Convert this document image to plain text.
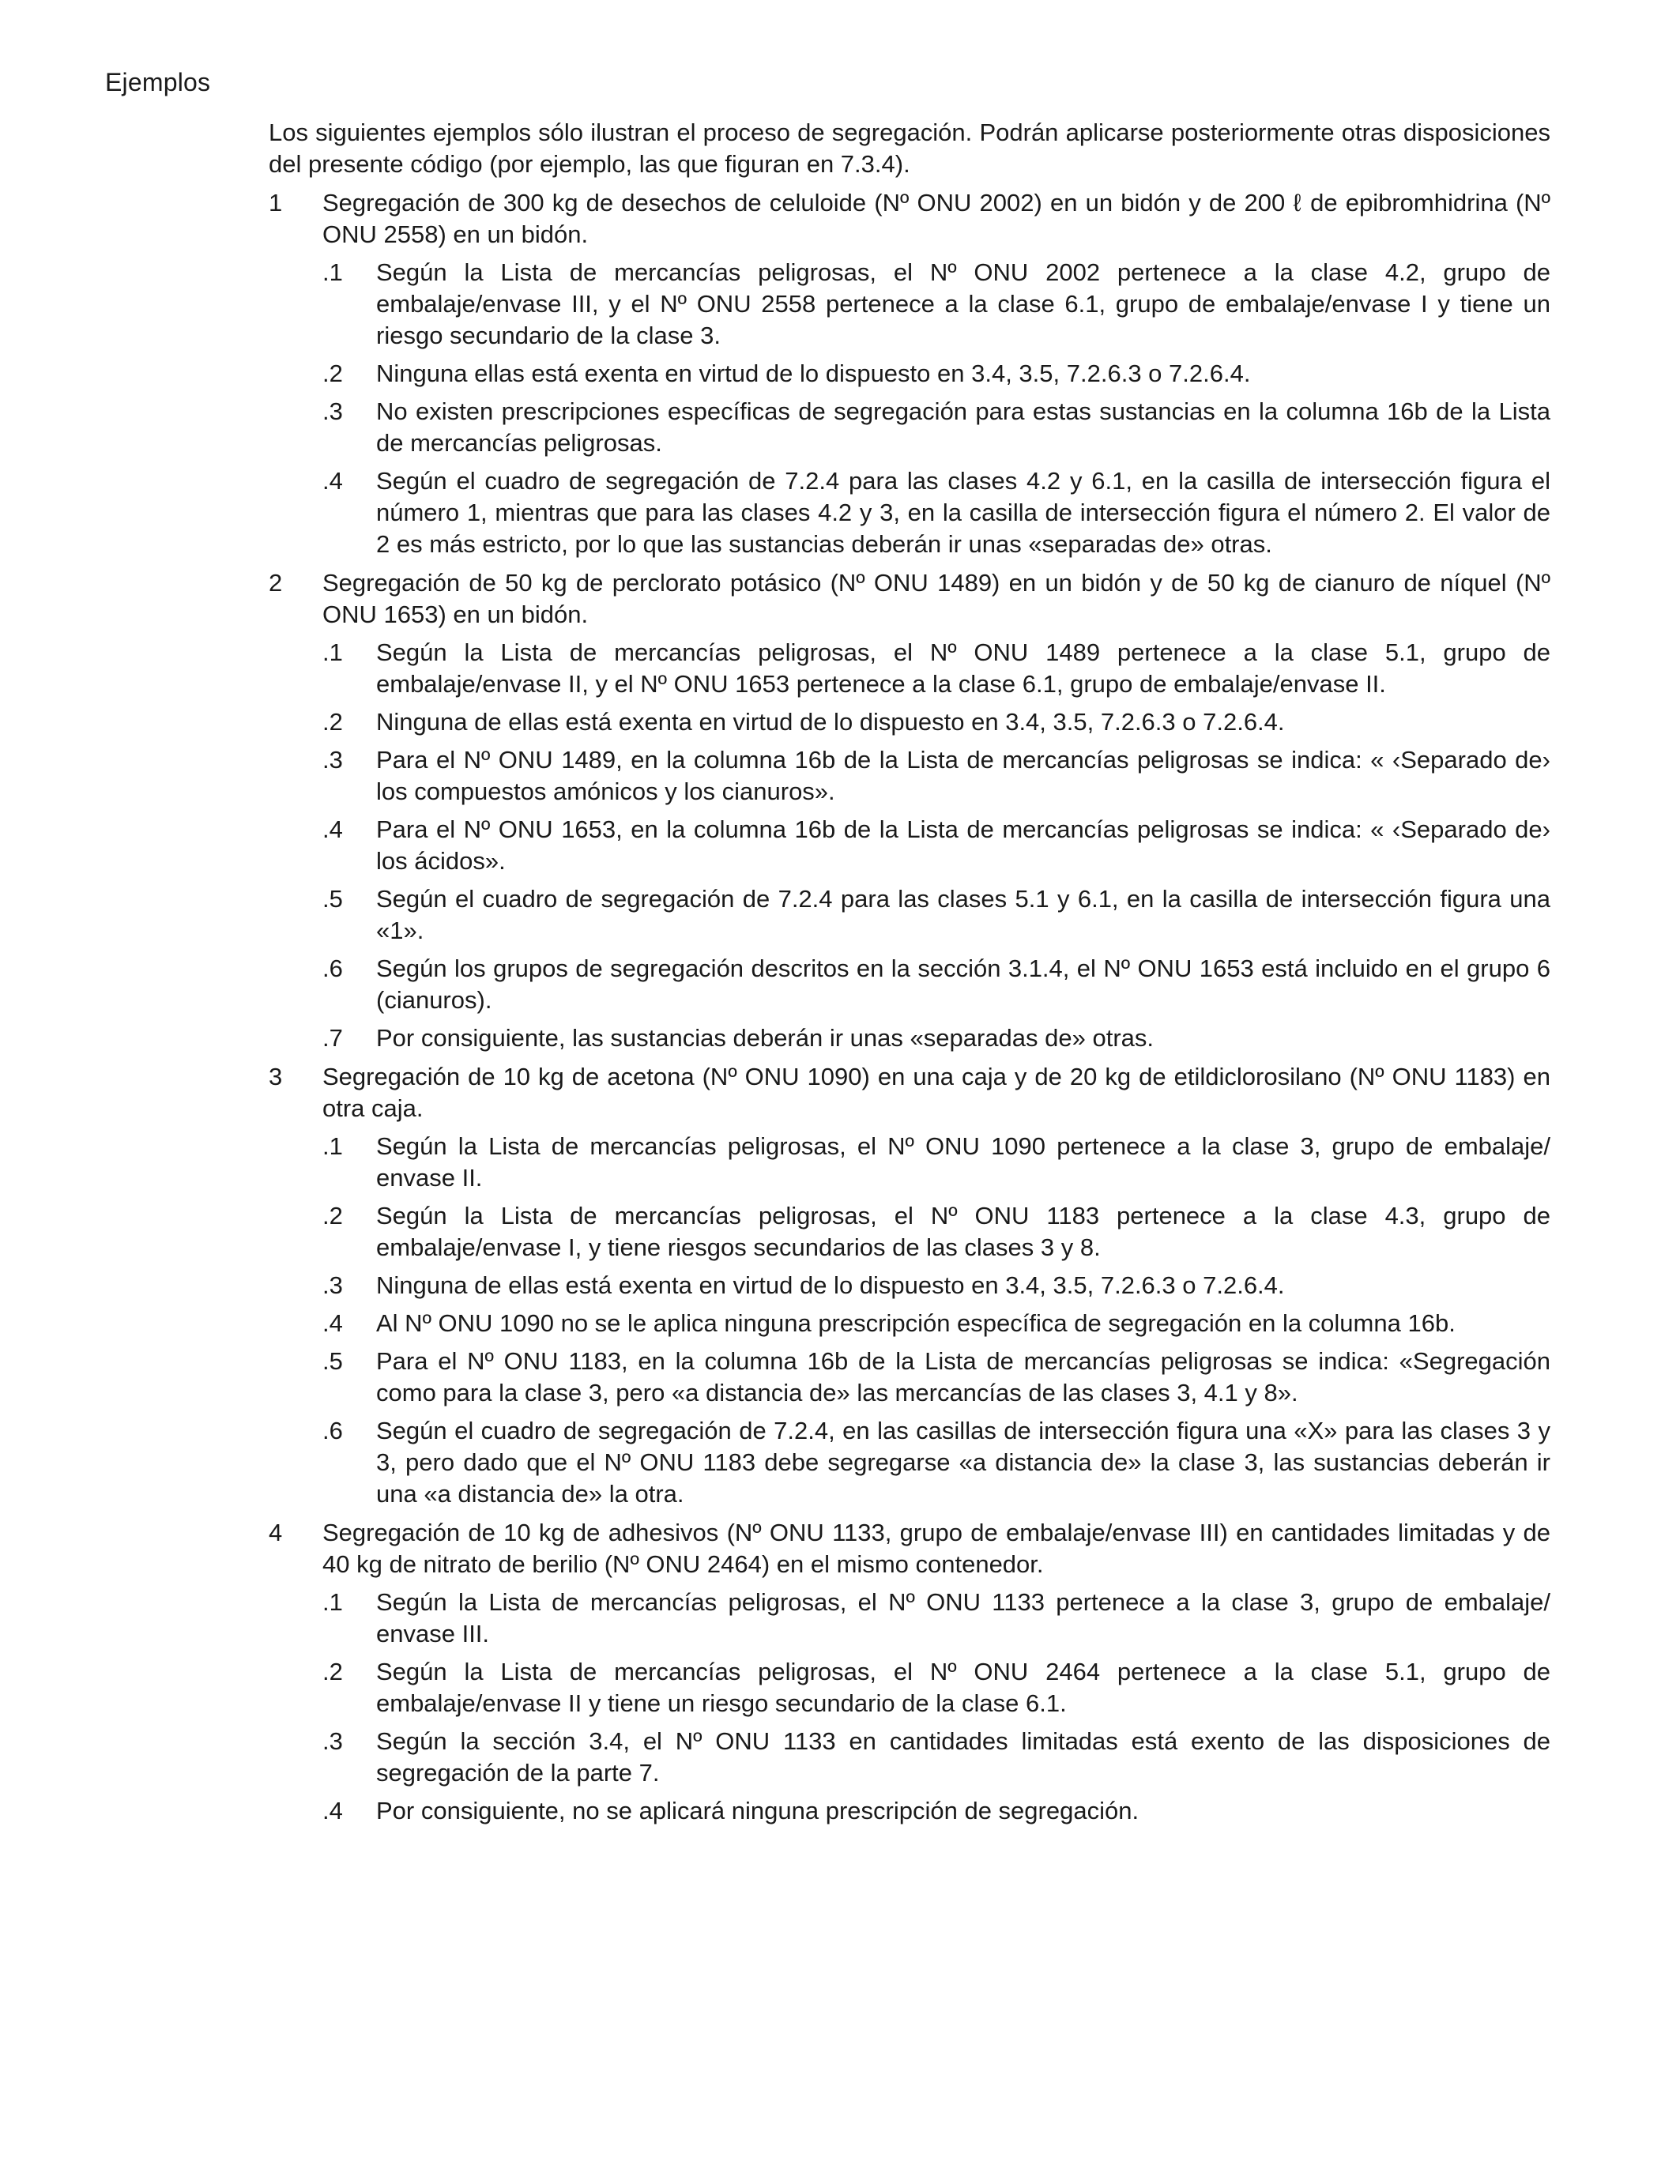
Ejemplos

Los siguientes ejemplos sólo ilustran el proceso de segregación. Podrán aplicarse posteriormente otras disposiciones del presente código (por ejemplo, las que figuran en 7.3.4).

1 Segregación de 300 kg de desechos de celuloide (Nº ONU 2002) en un bidón y de 200 ℓ de epibromhidrina (Nº ONU 2558) en un bidón.

.1 Según la Lista de mercancías peligrosas, el Nº ONU 2002 pertenece a la clase 4.2, grupo de embalaje/envase III, y el Nº ONU 2558 pertenece a la clase 6.1, grupo de embalaje/envase I y tiene un riesgo secundario de la clase 3.
.2 Ninguna ellas está exenta en virtud de lo dispuesto en 3.4, 3.5, 7.2.6.3 o 7.2.6.4.
.3 No existen prescripciones específicas de segregación para estas sustancias en la columna 16b de la Lista de mercancías peligrosas.
.4 Según el cuadro de segregación de 7.2.4 para las clases 4.2 y 6.1, en la casilla de intersección figura el número 1, mientras que para las clases 4.2 y 3, en la casilla de intersección figura el número 2. El valor de 2 es más estricto, por lo que las sustancias deberán ir unas «separadas de» otras.
2 Segregación de 50 kg de perclorato potásico (Nº ONU 1489) en un bidón y de 50 kg de cianuro de níquel (Nº ONU 1653) en un bidón.

.1 Según la Lista de mercancías peligrosas, el Nº ONU 1489 pertenece a la clase 5.1, grupo de embalaje/envase II, y el Nº ONU 1653 pertenece a la clase 6.1, grupo de embalaje/envase II.
.2 Ninguna de ellas está exenta en virtud de lo dispuesto en 3.4, 3.5, 7.2.6.3 o 7.2.6.4.
.3 Para el Nº ONU 1489, en la columna 16b de la Lista de mercancías peligrosas se indica: « ‹Separado de› los compuestos amónicos y los cianuros».
.4 Para el Nº ONU 1653, en la columna 16b de la Lista de mercancías peligrosas se indica: « ‹Separado de› los ácidos».
.5 Según el cuadro de segregación de 7.2.4 para las clases 5.1 y 6.1, en la casilla de intersección figura una «1».
.6 Según los grupos de segregación descritos en la sección 3.1.4, el Nº ONU 1653 está incluido en el grupo 6 (cianuros).
.7 Por consiguiente, las sustancias deberán ir unas «separadas de» otras.
3 Segregación de 10 kg de acetona (Nº ONU 1090) en una caja y de 20 kg de etildiclorosilano (Nº ONU 1183) en otra caja.

.1 Según la Lista de mercancías peligrosas, el Nº ONU 1090 pertenece a la clase 3, grupo de embalaje/ envase II.
.2 Según la Lista de mercancías peligrosas, el Nº ONU 1183 pertenece a la clase 4.3, grupo de embalaje/envase I, y tiene riesgos secundarios de las clases 3 y 8.
.3 Ninguna de ellas está exenta en virtud de lo dispuesto en 3.4, 3.5, 7.2.6.3 o 7.2.6.4.
.4 Al Nº ONU 1090 no se le aplica ninguna prescripción específica de segregación en la columna 16b.
.5 Para el Nº ONU 1183, en la columna 16b de la Lista de mercancías peligrosas se indica: «Segregación como para la clase 3, pero «a distancia de» las mercancías de las clases 3, 4.1 y 8».
.6 Según el cuadro de segregación de 7.2.4, en las casillas de intersección figura una «X» para las clases 3 y 3, pero dado que el Nº ONU 1183 debe segregarse «a distancia de» la clase 3, las sustancias deberán ir una «a distancia de» la otra.
4 Segregación de 10 kg de adhesivos (Nº ONU 1133, grupo de embalaje/envase III) en cantidades limitadas y de 40 kg de nitrato de berilio (Nº ONU 2464) en el mismo contenedor.

.1 Según la Lista de mercancías peligrosas, el Nº ONU 1133 pertenece a la clase 3, grupo de embalaje/ envase III.
.2 Según la Lista de mercancías peligrosas, el Nº ONU 2464 pertenece a la clase 5.1, grupo de embalaje/envase II y tiene un riesgo secundario de la clase 6.1.
.3 Según la sección 3.4, el Nº ONU 1133 en cantidades limitadas está exento de las disposiciones de segregación de la parte 7.
.4 Por consiguiente, no se aplicará ninguna prescripción de segregación.
